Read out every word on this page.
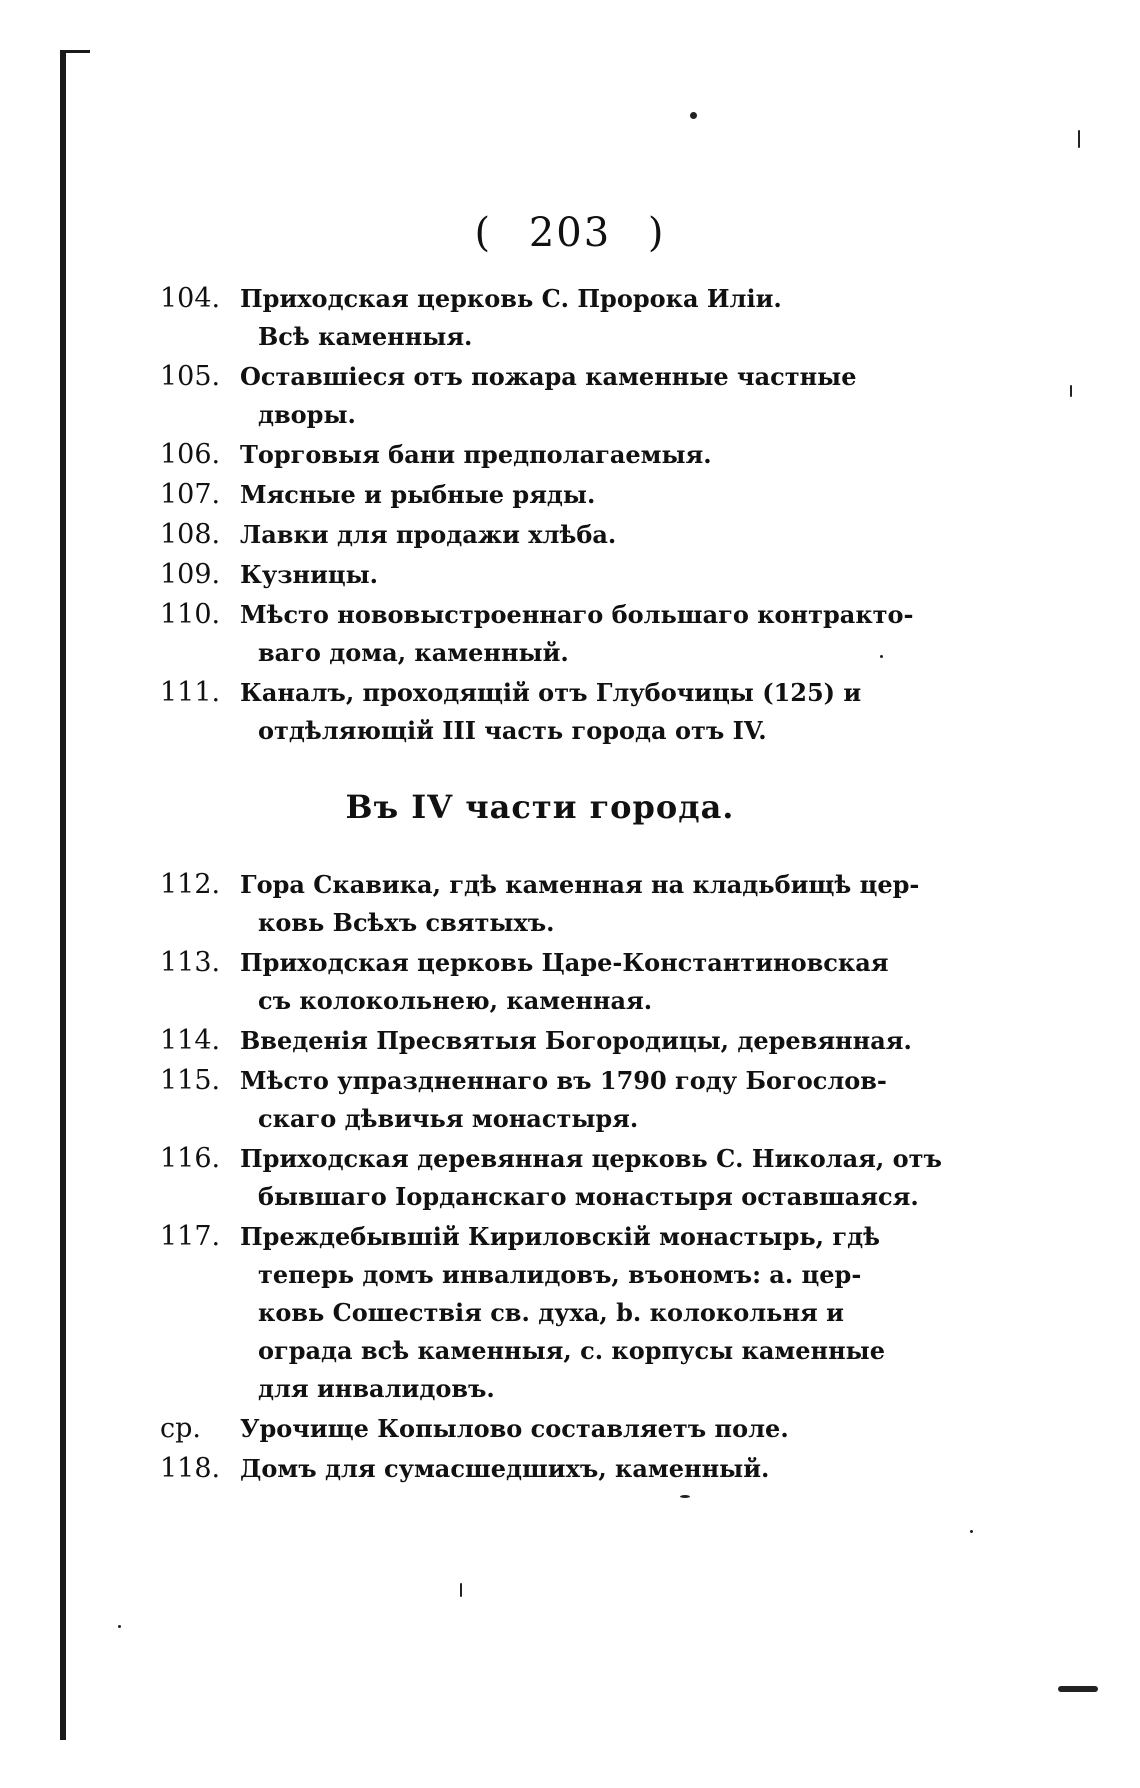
( 203 )
104. Приходская церковь С. Пророка Илiи.
Всѣ каменныя.
105. Оставшiеся отъ пожара каменные частные
дворы.
106. Торговыя бани предполагаемыя.
107. Мясные и рыбные ряды.
108. Лавки для продажи хлѣба.
109. Кузницы.
110. Мѣсто нововыстроеннаго большаго контракто-
ваго дома, каменный.
111. Каналъ, проходящiй отъ Глубочицы (125) и
отдѣляющiй III часть города отъ IV.
Въ IV части города.
112. Гора Скавика, гдѣ каменная на кладьбищѣ цер-
ковь Всѣхъ святыхъ.
113. Приходская церковь Царе-Константиновская
съ колокольнею, каменная.
114. Введенiя Пресвятыя Богородицы, деревянная.
115. Мѣсто упраздненнаго въ 1790 году Богослов-
скаго дѣвичья монастыря.
116. Приходская деревянная церковь С. Николая, отъ
бывшаго Iорданскаго монастыря оставшаяся.
117. Преждебывшiй Кириловскiй монастырь, гдѣ
теперь домъ инвалидовъ, въономъ: a. цер-
ковь Сошествiя св. духа, b. колокольня и
ограда всѣ каменныя, c. корпусы каменные
для инвалидовъ.
cp.	Урочище Копылово составляетъ поле.
118. Домъ для сумасшедшихъ, каменный.
